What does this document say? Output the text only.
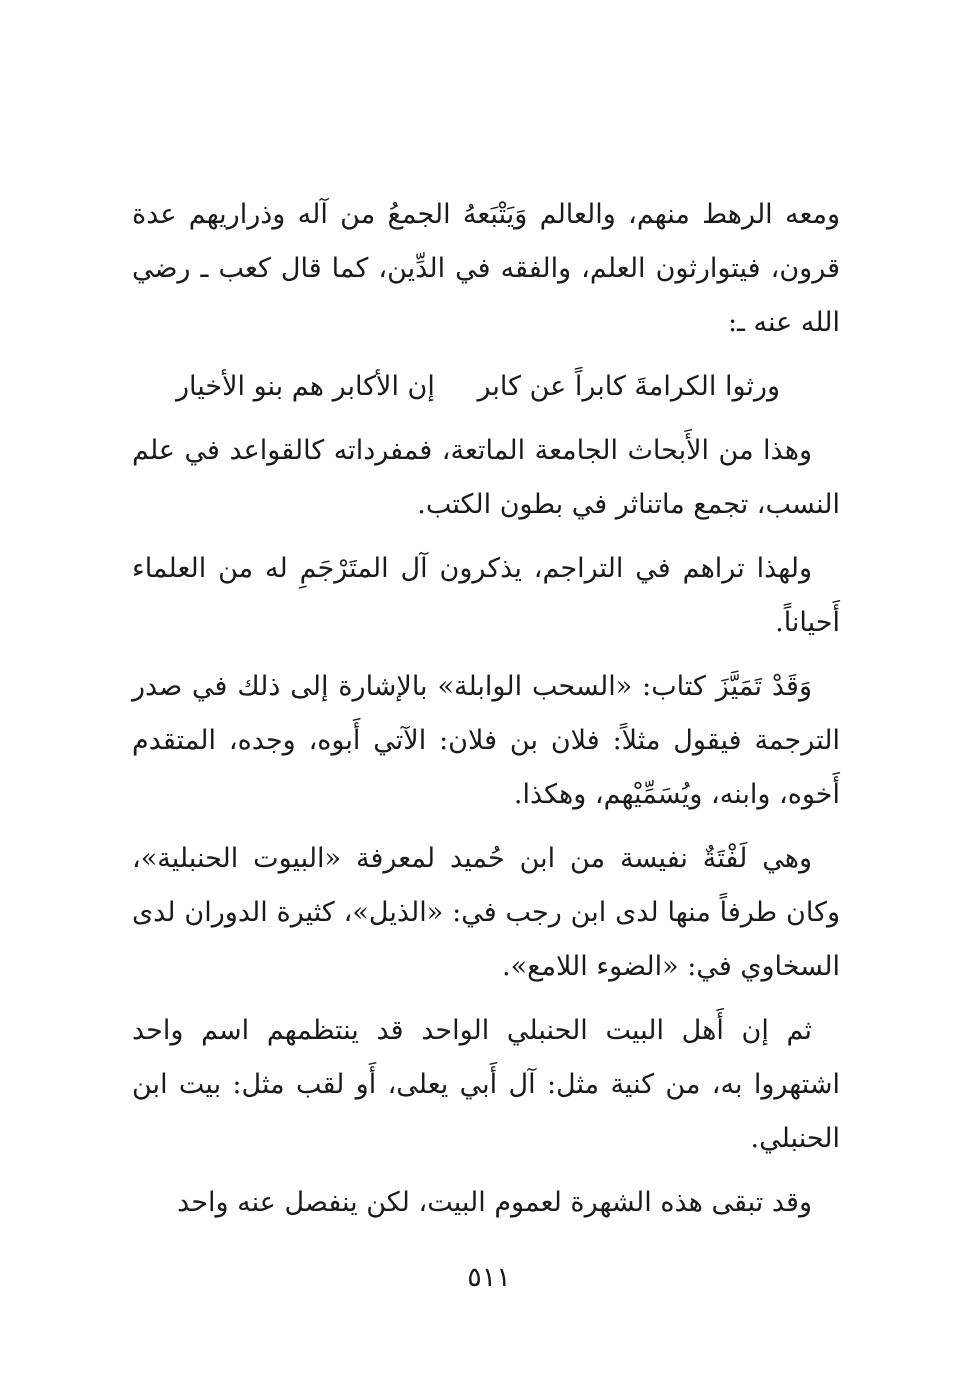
ومعه الرهط منهم، والعالم وَيَتْبَعهُ الجمعُ من آله وذراريهم عدة قرون، فيتوارثون العلم، والفقه في الدِّين، كما قال كعب ـ رضي الله عنه ـ:

ورثوا الكرامةَ كابراً عن كابر
إن الأكابر هم بنو الأخيار

وهذا من الأَبحاث الجامعة الماتعة، فمفرداته كالقواعد في علم النسب، تجمع ماتناثر في بطون الكتب.

ولهذا تراهم في التراجم، يذكرون آل المتَرْجَمِ له من العلماء أَحياناً.

وَقَدْ تَمَيَّزَ كتاب: «السحب الوابلة» بالإشارة إلى ذلك في صدر الترجمة فيقول مثلاً: فلان بن فلان: الآتي أَبوه، وجده، المتقدم أَخوه، وابنه، ويُسَمِّيْهم، وهكذا.

وهي لَفْتَةٌ نفيسة من ابن حُميد لمعرفة «البيوت الحنبلية»، وكان طرفاً منها لدى ابن رجب في: «الذيل»، كثيرة الدوران لدى السخاوي في: «الضوء اللامع».

ثم إن أَهل البيت الحنبلي الواحد قد ينتظمهم اسم واحد اشتهروا به، من كنية مثل: آل أَبي يعلى، أَو لقب مثل: بيت ابن الحنبلي.

وقد تبقى هذه الشهرة لعموم البيت، لكن ينفصل عنه واحد

٥١١
